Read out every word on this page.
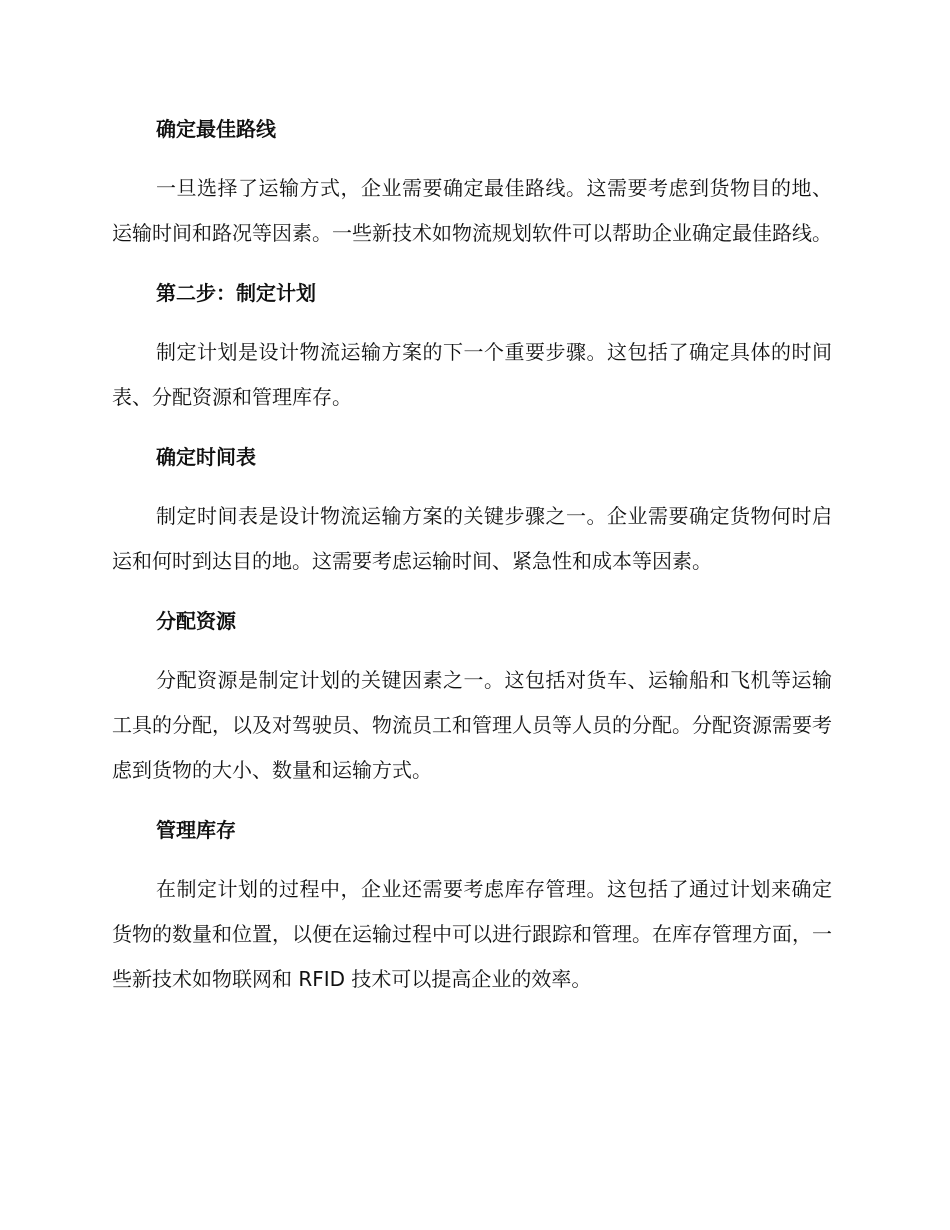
确定最佳路线

一旦选择了运输方式，企业需要确定最佳路线。这需要考虑到货物目的地、运输时间和路况等因素。一些新技术如物流规划软件可以帮助企业确定最佳路线。

第二步：制定计划

制定计划是设计物流运输方案的下一个重要步骤。这包括了确定具体的时间表、分配资源和管理库存。

确定时间表

制定时间表是设计物流运输方案的关键步骤之一。企业需要确定货物何时启运和何时到达目的地。这需要考虑运输时间、紧急性和成本等因素。

分配资源

分配资源是制定计划的关键因素之一。这包括对货车、运输船和飞机等运输工具的分配，以及对驾驶员、物流员工和管理人员等人员的分配。分配资源需要考虑到货物的大小、数量和运输方式。

管理库存

在制定计划的过程中，企业还需要考虑库存管理。这包括了通过计划来确定货物的数量和位置，以便在运输过程中可以进行跟踪和管理。在库存管理方面，一些新技术如物联网和 RFID 技术可以提高企业的效率。
